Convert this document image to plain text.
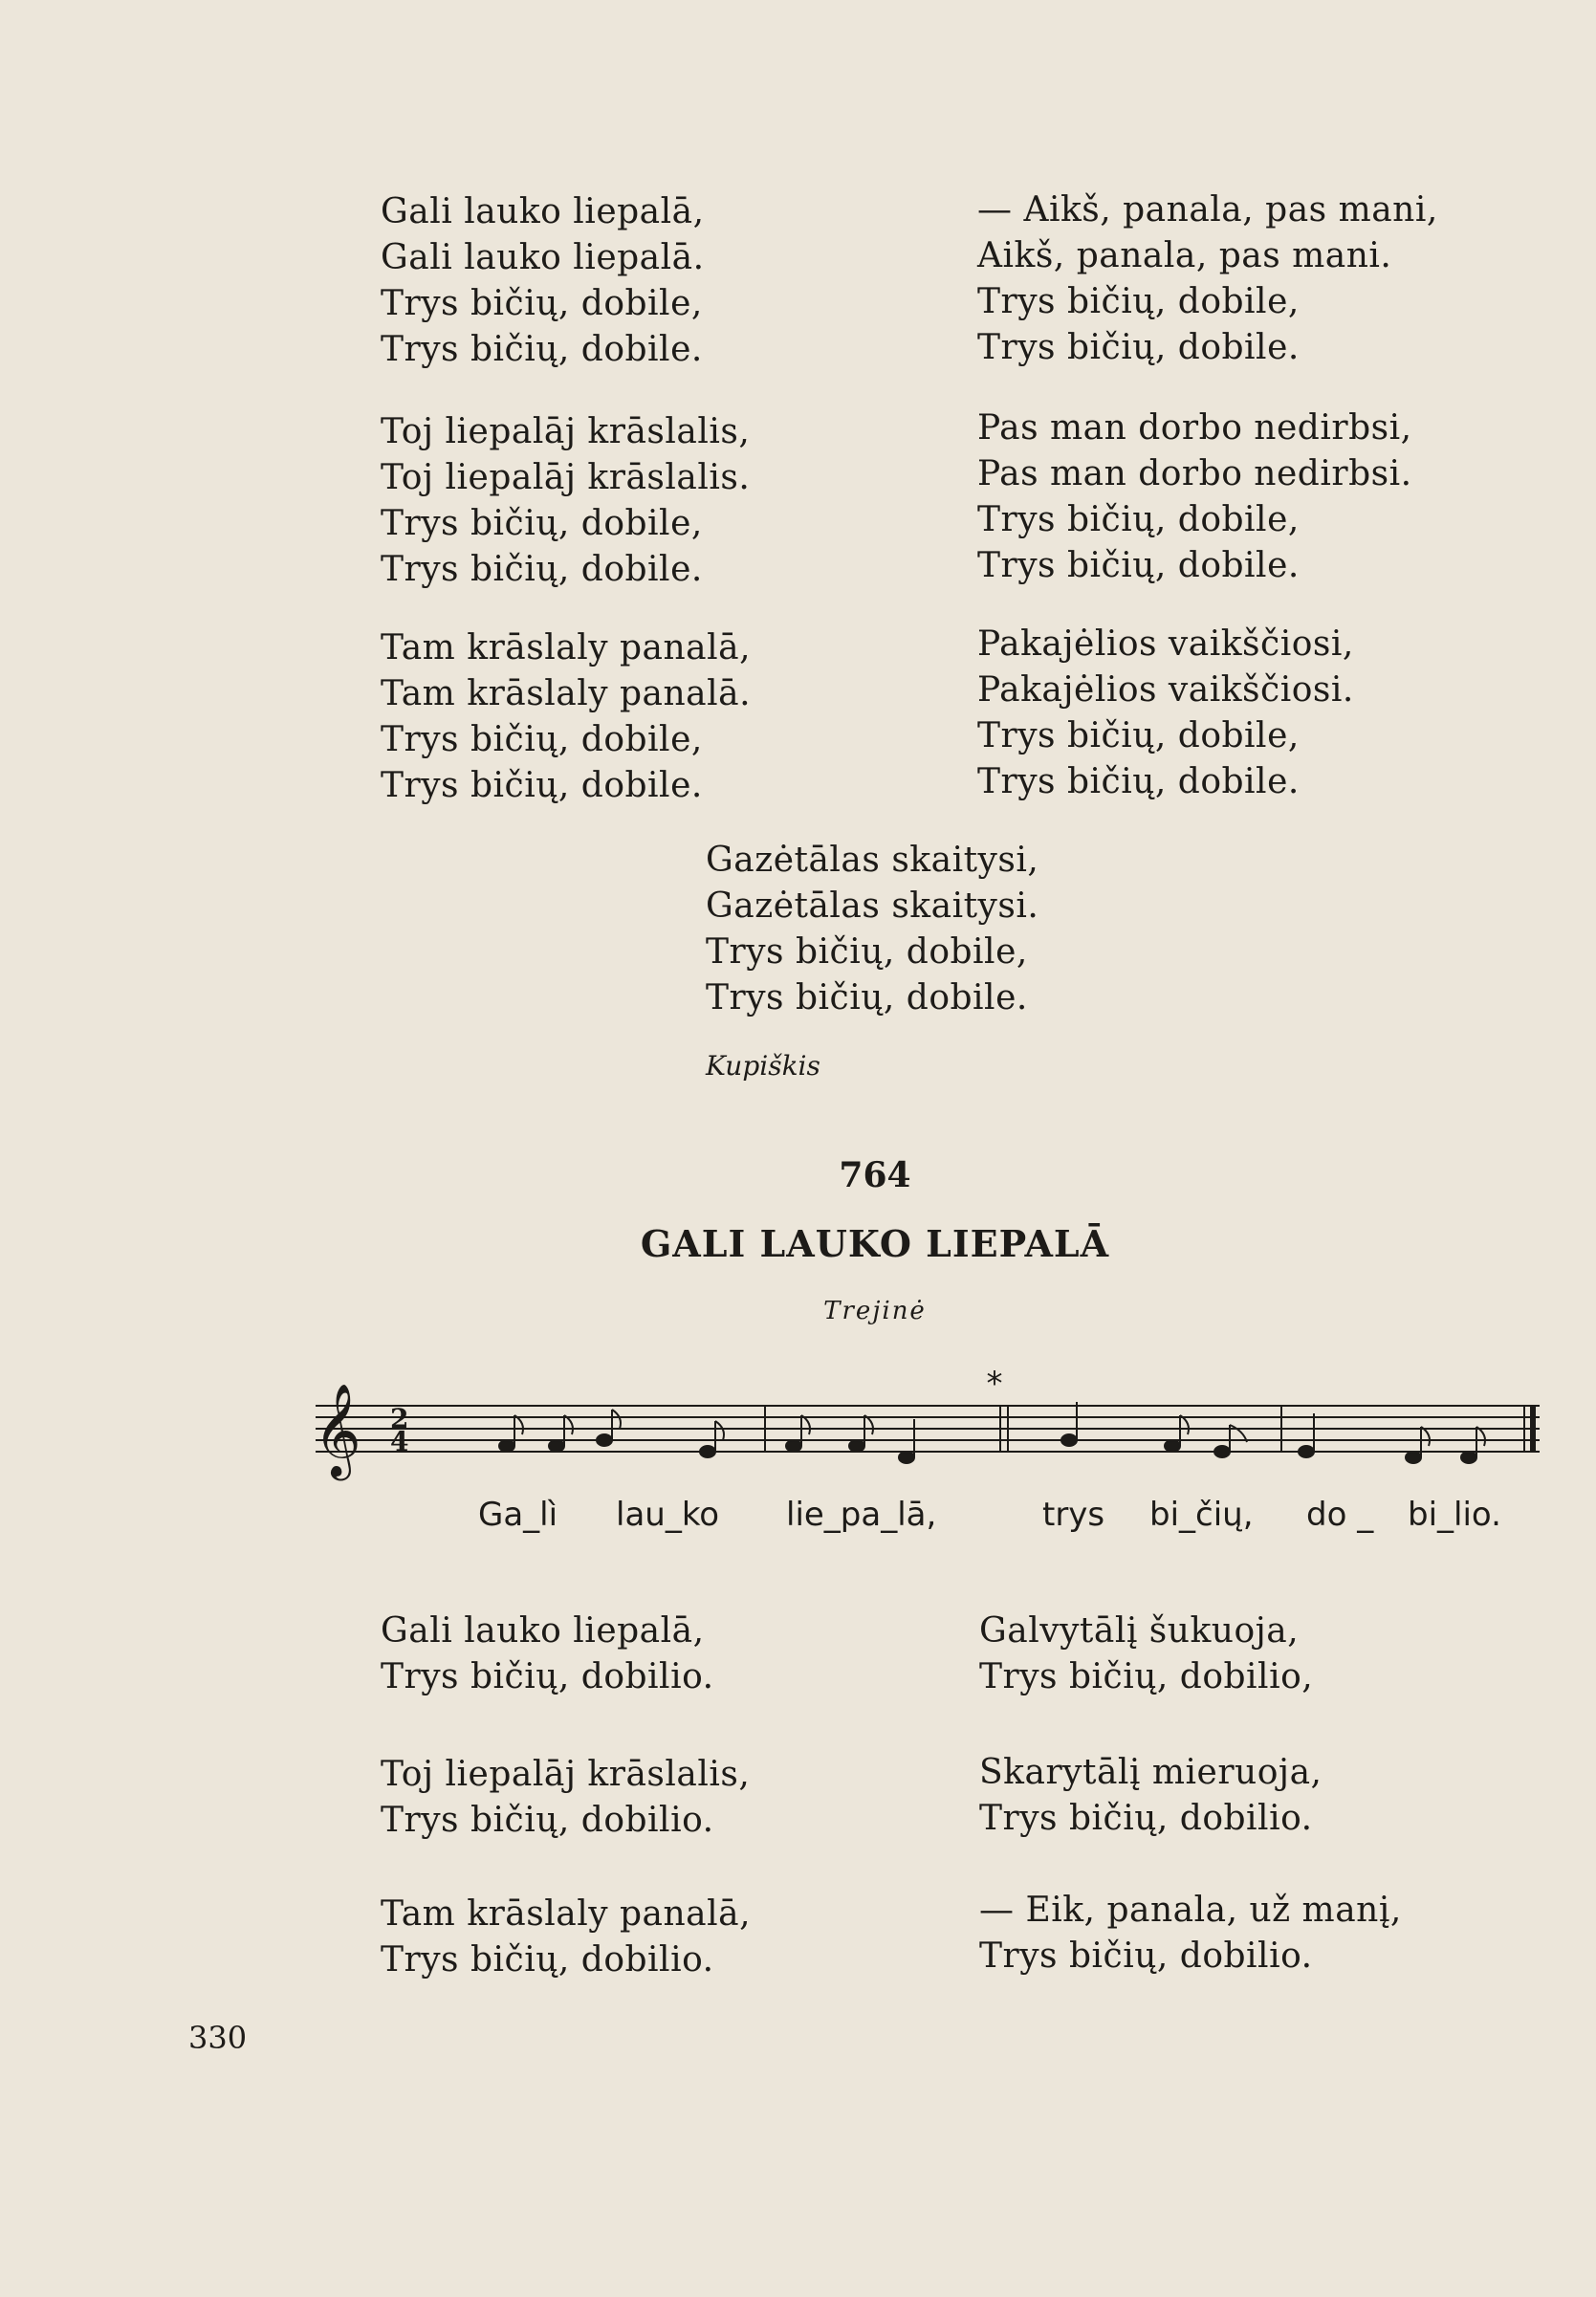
Gali lauko liepalā,
Gali lauko liepalā.
Trys bičių, dobile,
Trys bičių, dobile.
Toj liepalāj krāslalis,
Toj liepalāj krāslalis.
Trys bičių, dobile,
Trys bičių, dobile.
Tam krāslaly panalā,
Tam krāslaly panalā.
Trys bičių, dobile,
Trys bičių, dobile.
— Aikš, panala, pas mani,
Aikš, panala, pas mani.
Trys bičių, dobile,
Trys bičių, dobile.
Pas man dorbo nedirbsi,
Pas man dorbo nedirbsi.
Trys bičių, dobile,
Trys bičių, dobile.
Pakajėlios vaikščiosi,
Pakajėlios vaikščiosi.
Trys bičių, dobile,
Trys bičių, dobile.
Gazėtālas skaitysi,
Gazėtālas skaitysi.
Trys bičių, dobile,
Trys bičių, dobile.
Kupiškis
764
GALI LAUKO LIEPALĀ
Trejinė
𝄞 2
4
*
Ga_lì lau_ko lie_pa_lā,	trys bi_čių, do _ bi_lio.
Gali lauko liepalā,
Trys bičių, dobilio.
Toj liepalāj krāslalis,
Trys bičių, dobilio.
Tam krāslaly panalā,
Trys bičių, dobilio.
Galvytālį šukuoja,
Trys bičių, dobilio,
Skarytālį mieruoja,
Trys bičių, dobilio.
— Eik, panala, už manį,
Trys bičių, dobilio.
330
